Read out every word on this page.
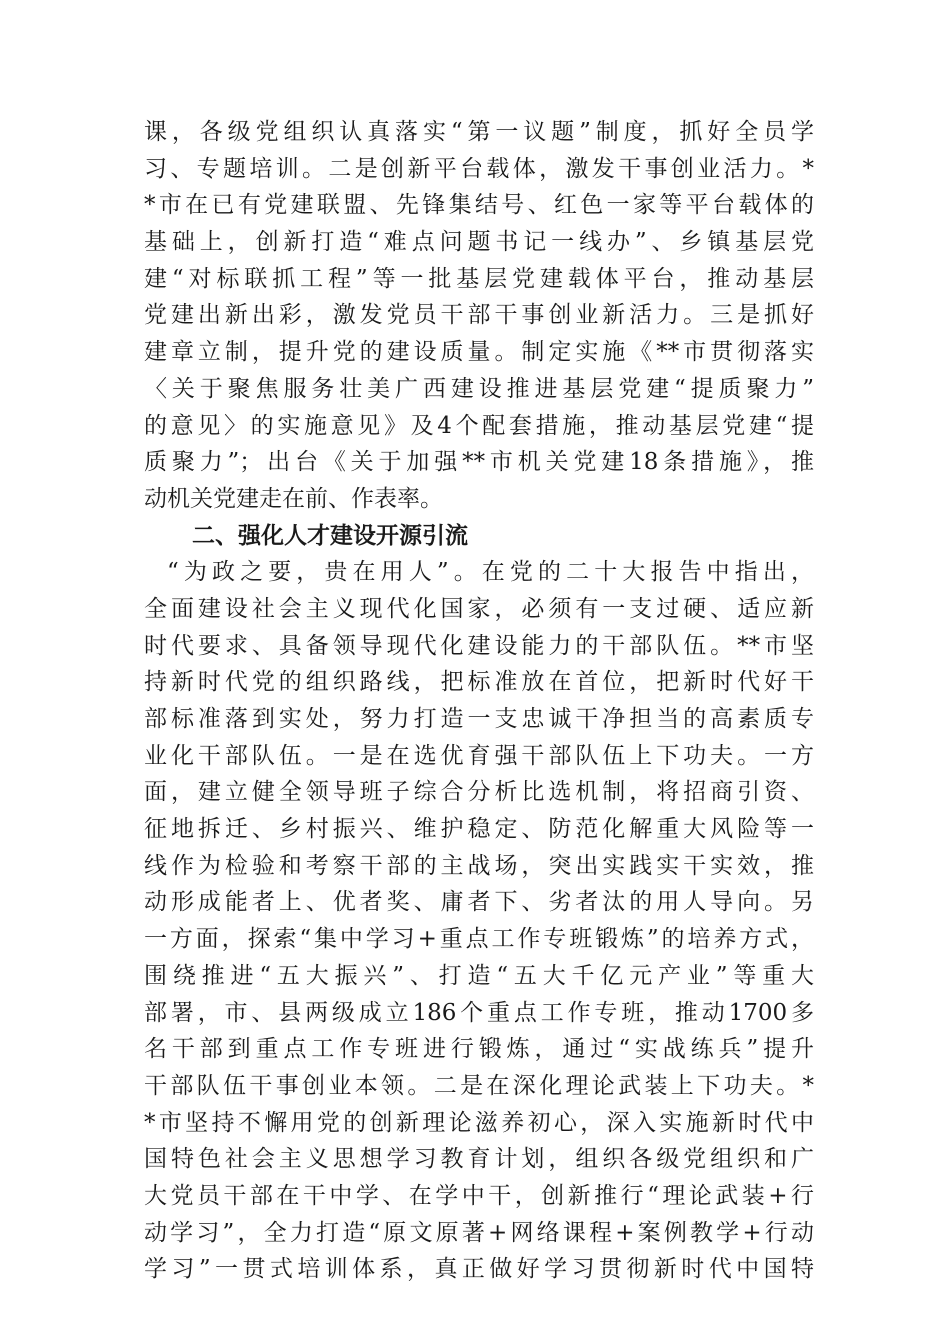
课，各级党组织认真落实“第一议题”制度，抓好全员学
习、专题培训。二是创新平台载体，激发干事创业活力。*
*市在已有党建联盟、先锋集结号、红色一家等平台载体的
基础上，创新打造“难点问题书记一线办”、乡镇基层党
建“对标联抓工程”等一批基层党建载体平台，推动基层
党建出新出彩，激发党员干部干事创业新活力。三是抓好
建章立制，提升党的建设质量。制定实施《**市贯彻落实
〈关于聚焦服务壮美广西建设推进基层党建“提质聚力”
的意见〉的实施意见》及4个配套措施，推动基层党建“提
质聚力”；出台《关于加强**市机关党建18条措施》，推
动机关党建走在前、作表率。
二、强化人才建设开源引流
“为政之要，贵在用人”。在党的二十大报告中指出，
全面建设社会主义现代化国家，必须有一支过硬、适应新
时代要求、具备领导现代化建设能力的干部队伍。**市坚
持新时代党的组织路线，把标准放在首位，把新时代好干
部标准落到实处，努力打造一支忠诚干净担当的高素质专
业化干部队伍。一是在选优育强干部队伍上下功夫。一方
面，建立健全领导班子综合分析比选机制，将招商引资、
征地拆迁、乡村振兴、维护稳定、防范化解重大风险等一
线作为检验和考察干部的主战场，突出实践实干实效，推
动形成能者上、优者奖、庸者下、劣者汰的用人导向。另
一方面，探索“集中学习+重点工作专班锻炼”的培养方式，
围绕推进“五大振兴”、打造“五大千亿元产业”等重大
部署，市、县两级成立186个重点工作专班，推动1700多
名干部到重点工作专班进行锻炼，通过“实战练兵”提升
干部队伍干事创业本领。二是在深化理论武装上下功夫。*
*市坚持不懈用党的创新理论滋养初心，深入实施新时代中
国特色社会主义思想学习教育计划，组织各级党组织和广
大党员干部在干中学、在学中干，创新推行“理论武装+行
动学习”，全力打造“原文原著+网络课程+案例教学+行动
学习”一贯式培训体系，真正做好学习贯彻新时代中国特
